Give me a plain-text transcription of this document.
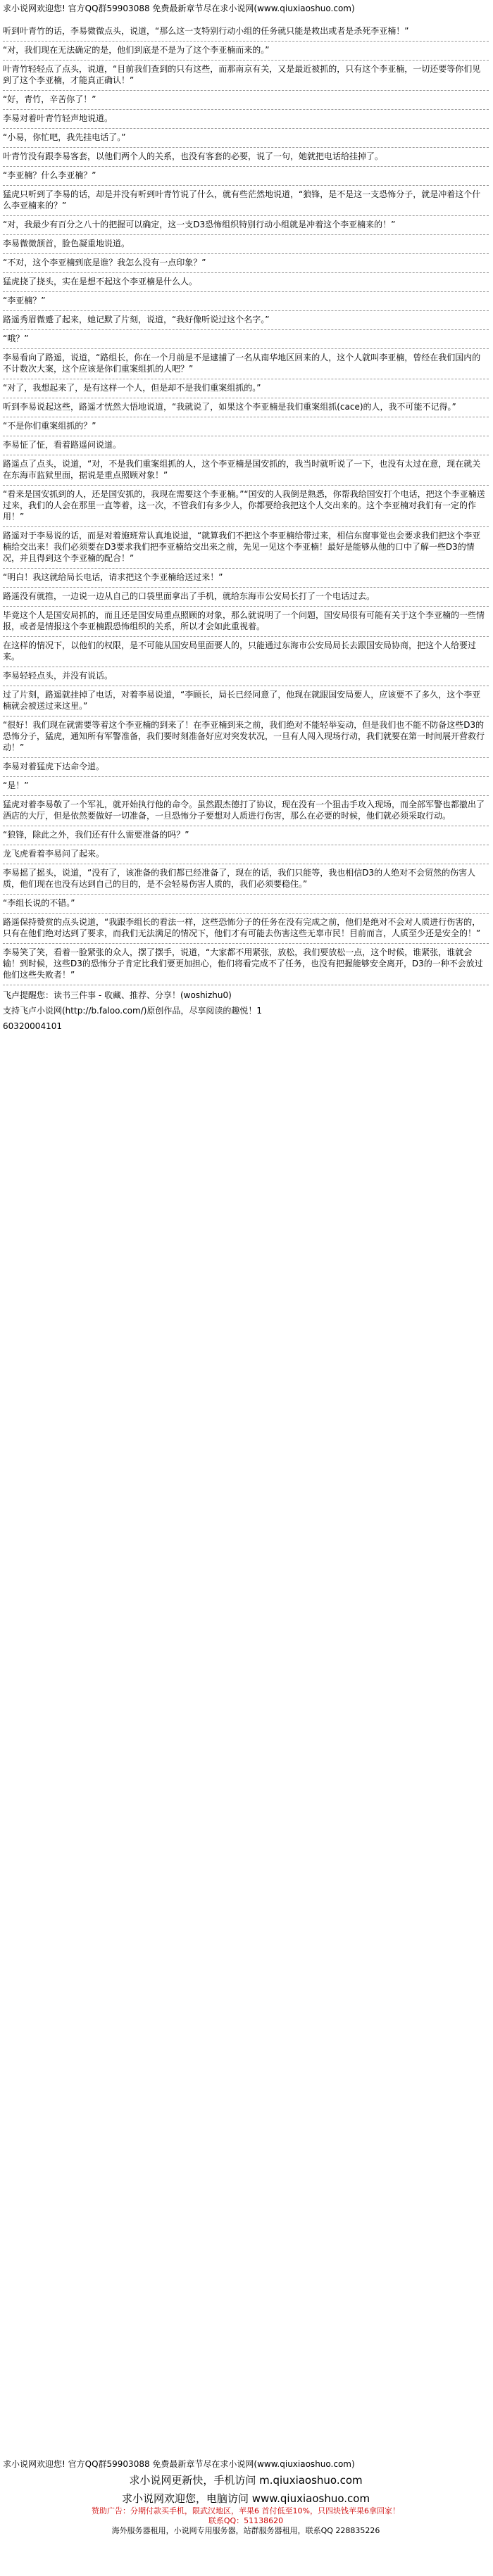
求小说网欢迎您! 官方QQ群59903088 免费最新章节尽在求小说网(www.qiuxiaoshuo.com)

听到叶青竹的话，李易微微点头，说道，“那么这一支特别行动小组的任务就只能是救出或者是杀死李亚楠！”

“对，我们现在无法确定的是，他们到底是不是为了这个李亚楠而来的。”

叶青竹轻轻点了点头，说道，“目前我们查到的只有这些，而那南京有关，又是最近被抓的，只有这个李亚楠，一切还要等你们见到了这个李亚楠，才能真正确认！”

“好，青竹，辛苦你了！”

李易对着叶青竹轻声地说道。

“小易，你忙吧，我先挂电话了。”

叶青竹没有跟李易客套，以他们两个人的关系，也没有客套的必要，说了一句，她就把电话给挂掉了。

“李亚楠？什么李亚楠？”

猛虎只听到了李易的话，却是并没有听到叶青竹说了什么，就有些茫然地说道，“狼锋，是不是这一支恐怖分子，就是冲着这个什么李亚楠来的？”

“对，我最少有百分之八十的把握可以确定，这一支D3恐怖组织特别行动小组就是冲着这个李亚楠来的！”

李易微微颔首，脸色凝重地说道。

“不对，这个李亚楠到底是谁？我怎么没有一点印象？”

猛虎挠了挠头，实在是想不起这个李亚楠是什么人。

“李亚楠？”

路遥秀眉微蹙了起来，她记默了片刻，说道，“我好像听说过这个名字。”

“哦？”

李易看向了路遥，说道，“路组长，你在一个月前是不是逮捕了一名从南华地区回来的人，这个人就叫李亚楠，曾经在我们国内的不计数次大案，这个应该是你们重案组抓的人吧？”

“对了，我想起来了，是有这样一个人，但是却不是我们重案组抓的。”

听到李易说起这些，路遥才恍然大悟地说道，“我就说了，如果这个李亚楠是我们重案组抓(cace)的人，我不可能不记得。”

“不是你们重案组抓的？”

李易怔了怔，看着路遥问说道。

路遥点了点头，说道，“对，不是我们重案组抓的人，这个李亚楠是国安抓的，我当时就听说了一下，也没有太过在意，现在就关在东海市监狱里面，据说是重点照顾对象！”

“看来是国安抓到的人，还是国安抓的，我现在需要这个李亚楠。”“国安的人我倒是熟悉，你帮我给国安打个电话，把这个李亚楠送过来，我们的人会在那里一直等着，这一次，不管我们有多少人，你都要给我把这个人交出来的。这个李亚楠对我们有一定的作用！”

路遥对于李易说的话，而是对着施班常认真地说道，“就算我们不把这个李亚楠给带过来，相信东窗事觉也会要求我们把这个李亚楠给交出来！我们必须要在D3要求我们把李亚楠给交出来之前，先见一见这个李亚楠！最好是能够从他的口中了解一些D3的情况，并且得到这个李亚楠的配合！”

“明白！我这就给局长电话，请求把这个李亚楠给送过来！”

路遥没有就推，一边说一边从自己的口袋里面拿出了手机，就给东海市公安局长打了一个电话过去。

毕竟这个人是国安局抓的，而且还是国安局重点照顾的对象，那么就说明了一个问题，国安局很有可能有关于这个李亚楠的一些情报，或者是情报这个李亚楠跟恐怖组织的关系，所以才会如此重视着。

在这样的情况下，以他们的权限，是不可能从国安局里面要人的，只能通过东海市公安局局长去跟国安局协商，把这个人给要过来。

李易轻轻点头，并没有说话。

过了片刻，路遥就挂掉了电话，对着李易说道，“李顾长，局长已经同意了，他现在就跟国安局要人，应该要不了多久，这个李亚楠就会被送过来这里。”

“很好！我们现在就需要等着这个李亚楠的到来了！在李亚楠到来之前，我们绝对不能轻举妄动，但是我们也不能不防备这些D3的恐怖分子，猛虎，通知所有军警准备，我们要时刻准备好应对突发状况，一旦有人闯入现场行动，我们就要在第一时间展开营救行动！”

李易对着猛虎下达命令道。

“是！”

猛虎对着李易敬了一个军礼，就开始执行他的命令。虽然跟杰德打了协议，现在没有一个狙击手攻入现场，而全部军警也都撤出了酒店的大厅，但是依然要做好一切准备，一旦恐怖分子要想对人质进行伤害，那么在必要的时候，他们就必须采取行动。

“狼锋，除此之外，我们还有什么需要准备的吗？”

龙飞虎看着李易问了起来。

李易摇了摇头，说道，“没有了，该准备的我们都已经准备了，现在的话，我们只能等，我也相信D3的人绝对不会贸然的伤害人质，他们现在也没有达到自己的目的，是不会轻易伤害人质的，我们必须要稳住。”

“李组长说的不错。”

路遥保持赞赏的点头说道，“我跟李组长的看法一样，这些恐怖分子的任务在没有完成之前，他们是绝对不会对人质进行伤害的，只有在他们绝对达到了要求，而我们无法满足的情况下，他们才有可能去伤害这些无辜市民！目前而言，人质至少还是安全的！”

李易笑了笑，看着一脸紧张的众人，摆了摆手，说道，“大家都不用紧张，放松，我们要放松一点，这个时候，谁紧张，谁就会输！到时候，这些D3的恐怖分子肯定比我们要更加担心，他们将看完成不了任务，也没有把握能够安全离开，D3的一种不会放过他们这些失败者！”

飞卢提醒您：读书三件事 - 收藏、推荐、分享！(woshizhu0)

支持飞卢小说网(http://b.faloo.com/)原创作品，尽享阅读的趣悦！1

60320004101

求小说网欢迎您! 官方QQ群59903088 免费最新章节尽在求小说网(www.qiuxiaoshuo.com)
求小说网更新快，手机访问 m.qiuxiaoshuo.com
求小说网欢迎您，电脑访问 www.qiuxiaoshuo.com
赞助广告：分期付款买手机，限武汉地区，苹果6 首付低至10%，只四块钱苹果6拿回家！
联系QQ：51138620
海外服务器租用，小说网专用服务器，站群服务器租用，联系QQ 228835226
